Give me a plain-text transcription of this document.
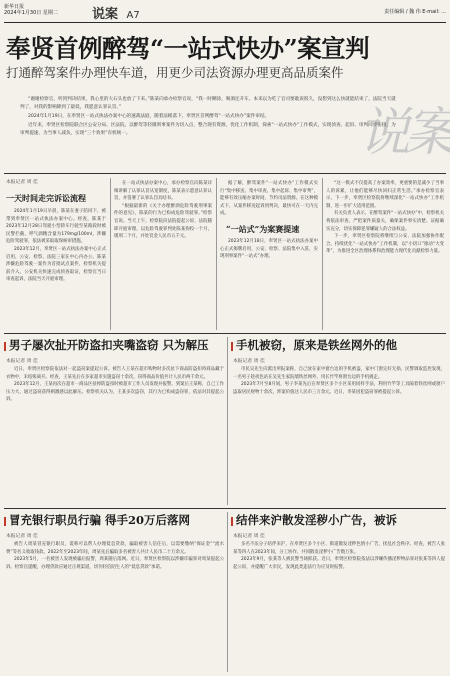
新华日报
2024年1月30日 星期二	说案 A7	责任编辑 / 魏 伟 E-mail: ...
奉贤首例醉驾“一站式快办”案宣判
打通醉驾案件办理快车道，用更少司法资源办理更高品质案件
说案

“谢谢检察官，听到判决结果，我心里的大石头也放了下来。”陈某向承办检察官说，“我一时糊涂，喝酒还开车。本来以为吃了官司要耽误很久，没想到这么快就能结束了，法院当天就判了，对我的影响降到了最低，我愿意认罪认罚。”

2024年1月19日，在奉贤区一站式执法办案中心的速裁法庭，随着法槌落下，奉贤区首例醉驾“一站式快办”案件审结。

近年来，奉贤区检察院联合区公安分局、区法院，以醉驾等轻微刑事案件为切入点，整合现有资源，优化工作机制，探索“一站式快办”工作模式，实现侦查、起诉、审判同步衔接，为审判提速、为当事人减负，实现“三个效果”有机统一。

本报记者 周 佳
一天时间走完诉讼流程

2024年1月19日早晨，陈某在妻子陪同下，被带到奉贤区一站式执法办案中心。经查，陈某于2023年12月28日驾驶小型轿车行驶至某路段时被民警拦截，呼气酒精含量为179mg/100ml，涉嫌危险驾驶罪，依法被采取取保候审措施。

2023年12月，奉贤区一站式执法办案中心正式启用，公安、检察、法院三家在中心内办公，陈某涉嫌危险驾驶一案作为首批试点案件，检察机关提前介入，公安机关快速完成侦查取证，检察官当日审查起诉，法院当天开庭审理。

在一站式执法办案中心，承办检察官向陈某详细讲解了认罪认罚从宽制度，陈某表示愿意认罪认罚，并签署了认罪认罚具结书。

“根据最新的《关于办理醉酒危险驾驶刑事案件的意见》，陈某的行为已构成危险驾驶罪。”检察官说。当天上午，检察院向法院提起公诉，法院随即开庭审理，以危险驾驶罪判处陈某拘役一个月，缓刑二个月，并处罚金人民币五千元。

据了解，醉驾案件“一站式快办”工作模式实行“集中移送、集中审查、集中起诉、集中审判”，能够有效压缩办案时间，节约司法资源。在这种模式下，从案件移送起诉到判决，最快可在一天内完成。

“一站式”为案赛提速

2023年12月18日，奉贤区一站式执法办案中心正式揭牌启用，公安、检察、法院集中入驻，实现刑事案件“一站式”办理。

“这一模式不仅提高了办案效率，更重要的是减少了当事人的诉累，让他们能够尽快回归正常生活。”承办检察官表示，下一步，奉贤区检察院将继续深化“一站式快办”工作机制，进一步扩大适用范围。

有关负责人表示，在醉驾案件“一站式快办”中，检察机关将依法审查，严把案件质量关，确保案件事实清楚、证据确实充分，切实保障犯罪嫌疑人的合法权益。

下一步，奉贤区检察院将继续与公安、法院加强协作配合，持续优化“一站式快办”工作机制，以“小切口”推动“大变革”，为推进全区治理体系和治理能力现代化贡献检察力量。

男子屡次扯开防盗扣夹嘴盗窃 只为解压
本报记者 周 佳

近日，奉贤区检察院依法对一起盗窃案提起公诉。被告人王某在超市购物时多次扯下商品防盗扣将商品藏于衣物中，未结账离开。经查，王某先后在多家超市实施盗窃十余次，窃得商品价值共计人民币两千余元。

2023年12月，王某再次在超市一商品区扯掉防盗扣时被超市工作人员发现并报警。到案后王某称，自己工作压力大，通过盗窃获得刺激感以此解压。检察机关认为，王某多次盗窃，其行为已构成盗窃罪，依法对其提起公诉。

手机被窃，原来是铁丝网外的他
本报记者 周 佳

市民吴先生向派出所报案称，自己放在家中窗台边的手机被盗，家中门窗完好无损。民警调取监控发现，一名男子趁夜色站在吴先生家院墙铁丝网外，用长竹竿将窗台边的手机挑走。

2023年7月至8月间，男子李某先后在奉贤区多个小区采用同样手法，利用竹竿等工具隔着铁丝网或窗户盗取居民财物十余次，涉案价值达人民币三万余元。近日，李某因犯盗窃罪被提起公诉。

冒充银行职员行骗 得手20万后落网
本报记者 周 佳

被告人周某冒充银行职员，谎称可以帮人办理低息贷款，骗取被害人信任后，以需要缴纳“保证金”“流水费”等名义收取钱款。2022年至2023年间，周某先后骗取多名被害人共计人民币二十万余元。

2023年5月，一名被害人发现被骗后报警，周某随后落网。近日，奉贤区检察院以涉嫌诈骗罪对周某提起公诉。检察官提醒，办理贷款应通过正规渠道，切勿轻信陌生人的“低息贷款”承诺。

结伴来沪散发淫秽小广告，被诉
本报记者 周 佳

多名不法分子结伴来沪，在奉贤区多个小区、街道散发淫秽色情小广告，扰乱社会秩序。经查，被告人张某等四人在2023年间，分工协作，共同散发淫秽小广告数万张。

2023年9月，张某等人被民警当场抓获。近日，奉贤区检察院依法以涉嫌传播淫秽物品罪对张某等四人提起公诉，并提醒广大市民，发现此类违法行为应及时报警。
